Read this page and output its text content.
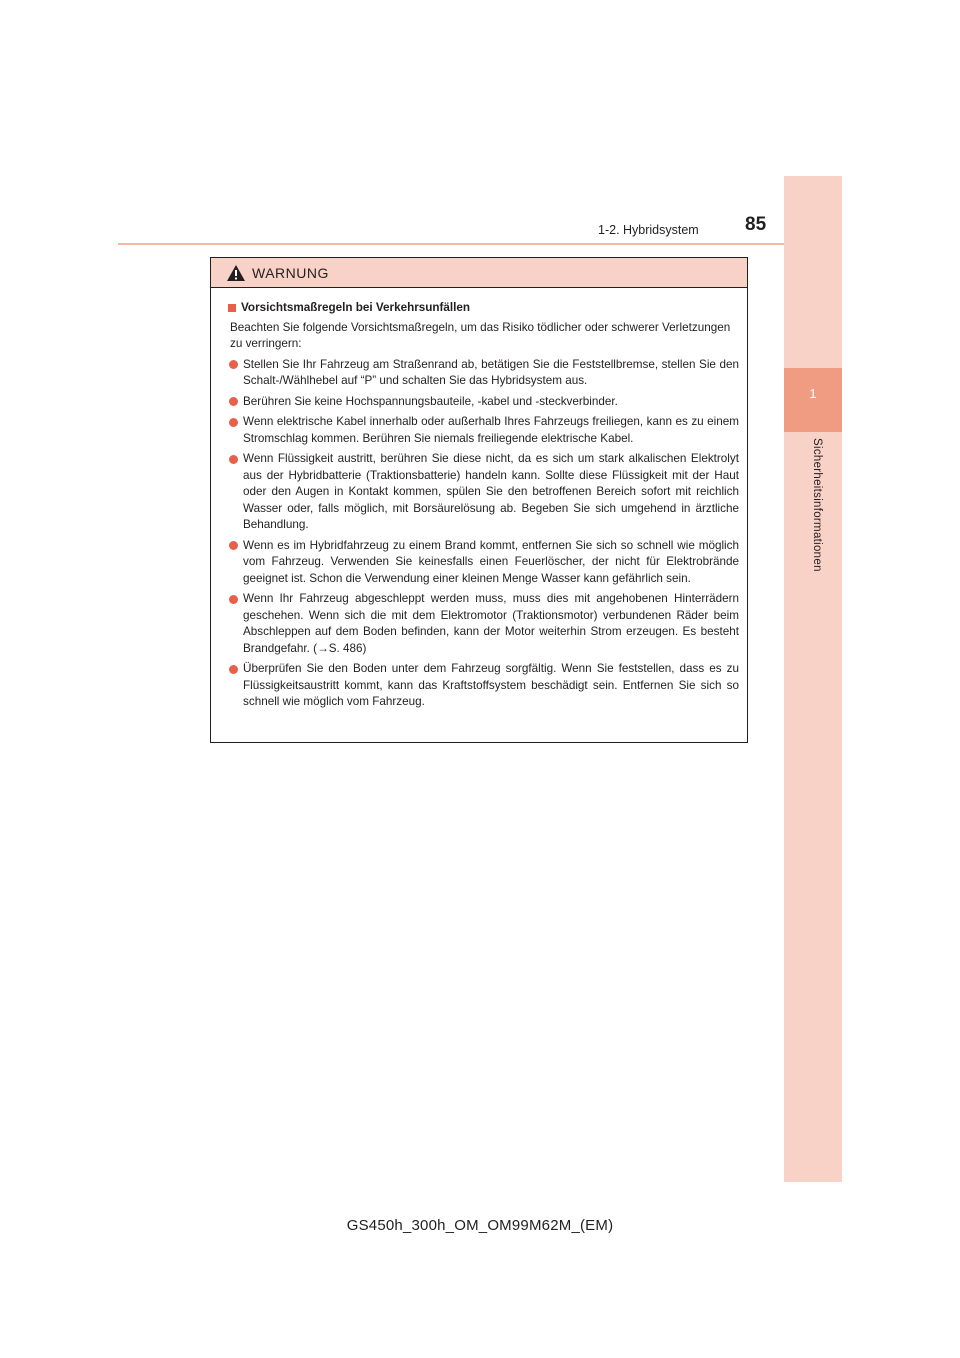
1
Sicherheitsinformationen
1-2. Hybridsystem 85
WARNUNG
Vorsichtsmaßregeln bei Verkehrsunfällen
Beachten Sie folgende Vorsichtsmaßregeln, um das Risiko tödlicher oder schwerer Verletzungen zu verringern:
Stellen Sie Ihr Fahrzeug am Straßenrand ab, betätigen Sie die Feststellbremse, stellen Sie den Schalt-/Wählhebel auf “P” und schalten Sie das Hybridsystem aus.
Berühren Sie keine Hochspannungsbauteile, -kabel und -steckverbinder.
Wenn elektrische Kabel innerhalb oder außerhalb Ihres Fahrzeugs freiliegen, kann es zu einem Stromschlag kommen. Berühren Sie niemals freiliegende elektrische Kabel.
Wenn Flüssigkeit austritt, berühren Sie diese nicht, da es sich um stark alkalischen Elektrolyt aus der Hybridbatterie (Traktionsbatterie) handeln kann. Sollte diese Flüssigkeit mit der Haut oder den Augen in Kontakt kommen, spülen Sie den betroffenen Bereich sofort mit reichlich Wasser oder, falls möglich, mit Borsäurelösung ab. Begeben Sie sich umgehend in ärztliche Behandlung.
Wenn es im Hybridfahrzeug zu einem Brand kommt, entfernen Sie sich so schnell wie möglich vom Fahrzeug. Verwenden Sie keinesfalls einen Feuerlöscher, der nicht für Elektrobrände geeignet ist. Schon die Verwendung einer kleinen Menge Wasser kann gefährlich sein.
Wenn Ihr Fahrzeug abgeschleppt werden muss, muss dies mit angehobenen Hinterrädern geschehen. Wenn sich die mit dem Elektromotor (Traktionsmotor) verbundenen Räder beim Abschleppen auf dem Boden befinden, kann der Motor weiterhin Strom erzeugen. Es besteht Brandgefahr. (→S. 486)
Überprüfen Sie den Boden unter dem Fahrzeug sorgfältig. Wenn Sie feststellen, dass es zu Flüssigkeitsaustritt kommt, kann das Kraftstoffsystem beschädigt sein. Entfernen Sie sich so schnell wie möglich vom Fahrzeug.
GS450h_300h_OM_OM99M62M_(EM)
